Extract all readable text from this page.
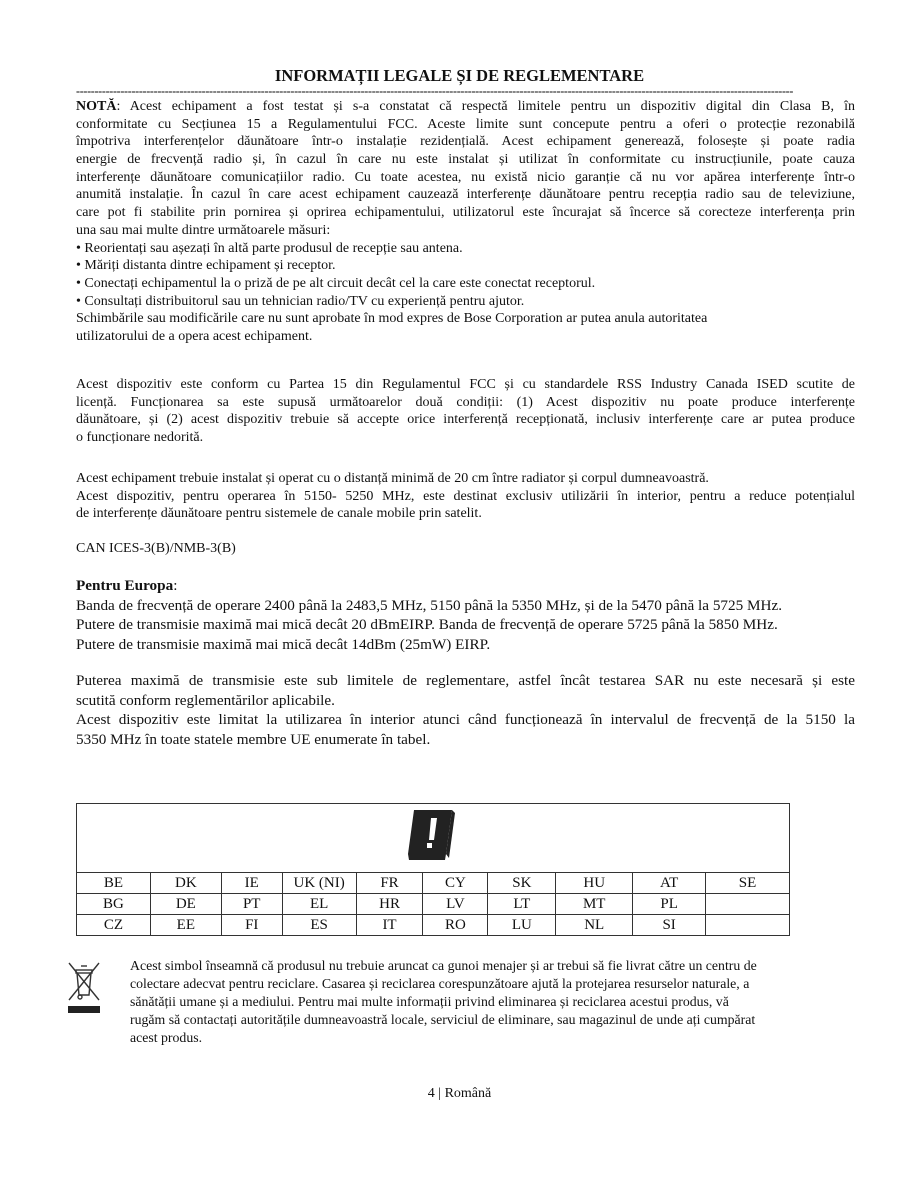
INFORMAȚII LEGALE ȘI DE REGLEMENTARE
--------------------------------------------------------------------------------------------------------------------------------------------------------------------------------------------------
NOTĂ: Acest echipament a fost testat și s-a constatat că respectă limitele pentru un dispozitiv digital din Clasa B, în
conformitate cu Secțiunea 15 a Regulamentului FCC. Aceste limite sunt concepute pentru a oferi o protecție rezonabilă
împotriva interferențelor dăunătoare într-o instalație rezidențială. Acest echipament generează, folosește și poate radia
energie de frecvență radio și, în cazul în care nu este instalat și utilizat în conformitate cu instrucțiunile, poate cauza
interferențe dăunătoare comunicațiilor radio. Cu toate acestea, nu există nicio garanție că nu vor apărea interferențe într-o
anumită instalație. În cazul în care acest echipament cauzează interferențe dăunătoare pentru recepția radio sau de televiziune,
care pot fi stabilite prin pornirea și oprirea echipamentului, utilizatorul este încurajat să încerce să corecteze interferența prin
una sau mai multe dintre următoarele măsuri:
• Reorientați sau așezați în altă parte produsul de recepție sau antena.
• Măriți distanta dintre echipament și receptor.
• Conectați echipamentul la o priză de pe alt circuit decât cel la care este conectat receptorul.
• Consultați distribuitorul sau un tehnician radio/TV cu experiență pentru ajutor.
Schimbările sau modificările care nu sunt aprobate în mod expres de Bose Corporation ar putea anula autoritatea
utilizatorului de a opera acest echipament.
Acest dispozitiv este conform cu Partea 15 din Regulamentul FCC și cu standardele RSS Industry Canada ISED scutite de
licență. Funcționarea sa este supusă următoarelor două condiții: (1) Acest dispozitiv nu poate produce interferențe
dăunătoare, și (2) acest dispozitiv trebuie să accepte orice interferență recepționată, inclusiv interferențe care ar putea produce
o funcționare nedorită.
Acest echipament trebuie instalat și operat cu o distanță minimă de 20 cm între radiator și corpul dumneavoastră.
Acest dispozitiv, pentru operarea în 5150- 5250 MHz, este destinat exclusiv utilizării în interior, pentru a reduce potențialul
de interferențe dăunătoare pentru sistemele de canale mobile prin satelit.
CAN ICES-3(B)/NMB-3(B)
Pentru Europa:
Banda de frecvență de operare 2400 până la 2483,5 MHz, 5150 până la 5350 MHz, și de la 5470 până la 5725 MHz.
Putere de transmisie maximă mai mică decât 20 dBmEIRP. Banda de frecvență de operare 5725 până la 5850 MHz.
Putere de transmisie maximă mai mică decât 14dBm (25mW) EIRP.
Puterea maximă de transmisie este sub limitele de reglementare, astfel încât testarea SAR nu este necesară și este
scutită conform reglementărilor aplicabile.
Acest dispozitiv este limitat la utilizarea în interior atunci când funcționează în intervalul de frecvență de la 5150 la
5350 MHz în toate statele membre UE enumerate în tabel.

BE	DK	IE	UK (NI)	FR	CY	SK	HU	AT	SE
BG	DE	PT	EL	HR	LV	LT	MT	PL	
CZ	EE	FI	ES	IT	RO	LU	NL	SI	
Acest simbol înseamnă că produsul nu trebuie aruncat ca gunoi menajer și ar trebui să fie livrat către un centru de
colectare adecvat pentru reciclare. Casarea și reciclarea corespunzătoare ajută la protejarea resurselor naturale, a
sănătății umane și a mediului. Pentru mai multe informații privind eliminarea și reciclarea acestui produs, vă
rugăm să contactați autoritățile dumneavoastră locale, serviciul de eliminare, sau magazinul de unde ați cumpărat
acest produs.
4 | Română
